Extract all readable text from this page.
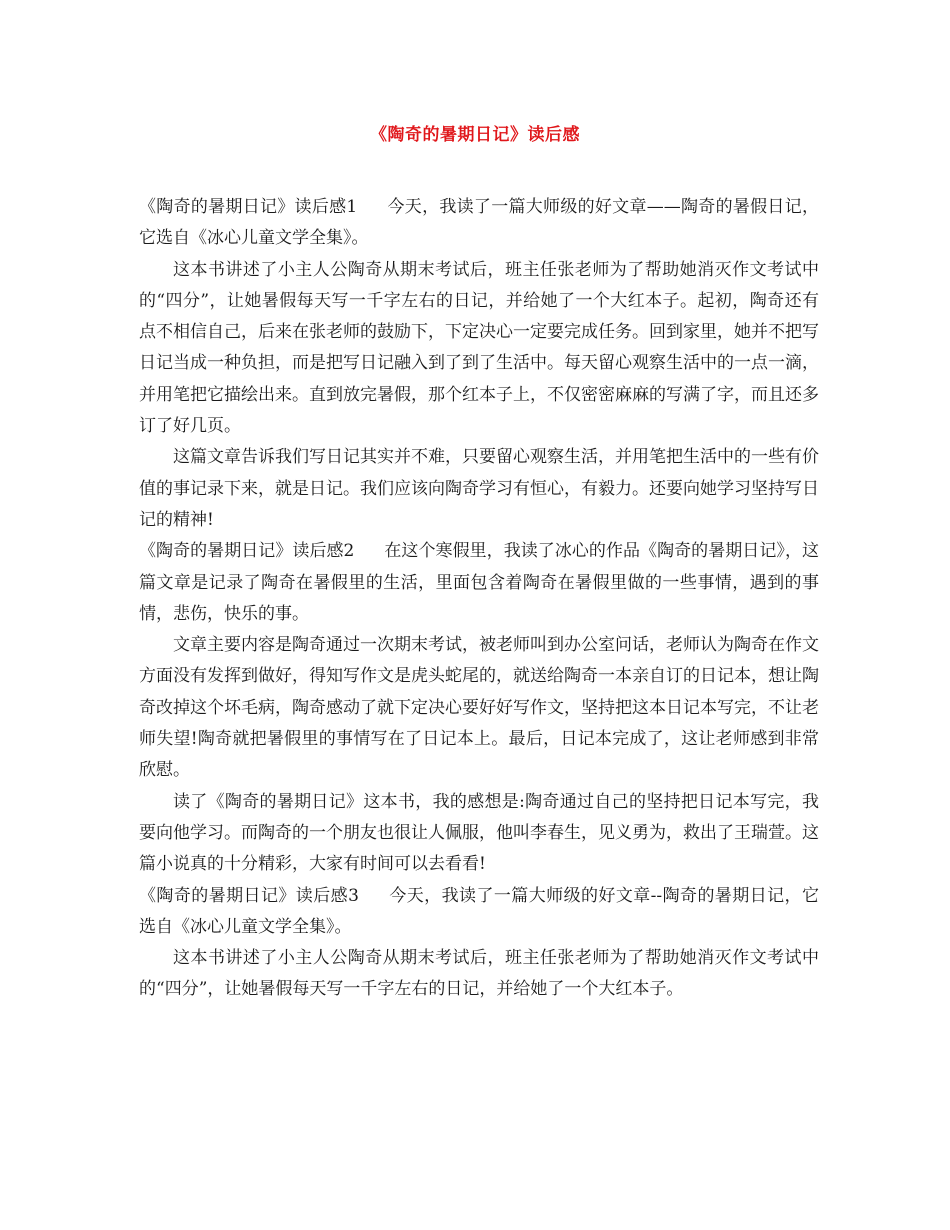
《陶奇的暑期日记》读后感

《陶奇的暑期日记》读后感1 今天，我读了一篇大师级的好文章——陶奇的暑假日记，它选自《冰心儿童文学全集》。

这本书讲述了小主人公陶奇从期末考试后，班主任张老师为了帮助她消灭作文考试中的“四分”，让她暑假每天写一千字左右的日记，并给她了一个大红本子。起初，陶奇还有点不相信自己，后来在张老师的鼓励下，下定决心一定要完成任务。回到家里，她并不把写日记当成一种负担，而是把写日记融入到了到了生活中。每天留心观察生活中的一点一滴，并用笔把它描绘出来。直到放完暑假，那个红本子上，不仅密密麻麻的写满了字，而且还多订了好几页。

这篇文章告诉我们写日记其实并不难，只要留心观察生活，并用笔把生活中的一些有价值的事记录下来，就是日记。我们应该向陶奇学习有恒心，有毅力。还要向她学习坚持写日记的精神!

《陶奇的暑期日记》读后感2 在这个寒假里，我读了冰心的作品《陶奇的暑期日记》，这篇文章是记录了陶奇在暑假里的生活，里面包含着陶奇在暑假里做的一些事情，遇到的事情，悲伤，快乐的事。

文章主要内容是陶奇通过一次期末考试，被老师叫到办公室问话，老师认为陶奇在作文方面没有发挥到做好，得知写作文是虎头蛇尾的，就送给陶奇一本亲自订的日记本，想让陶奇改掉这个坏毛病，陶奇感动了就下定决心要好好写作文，坚持把这本日记本写完，不让老师失望!陶奇就把暑假里的事情写在了日记本上。最后，日记本完成了，这让老师感到非常欣慰。

读了《陶奇的暑期日记》这本书，我的感想是:陶奇通过自己的坚持把日记本写完，我要向他学习。而陶奇的一个朋友也很让人佩服，他叫李春生，见义勇为，救出了王瑞萱。这篇小说真的十分精彩，大家有时间可以去看看!

《陶奇的暑期日记》读后感3 今天，我读了一篇大师级的好文章--陶奇的暑期日记，它选自《冰心儿童文学全集》。

这本书讲述了小主人公陶奇从期末考试后，班主任张老师为了帮助她消灭作文考试中的“四分”，让她暑假每天写一千字左右的日记，并给她了一个大红本子。
